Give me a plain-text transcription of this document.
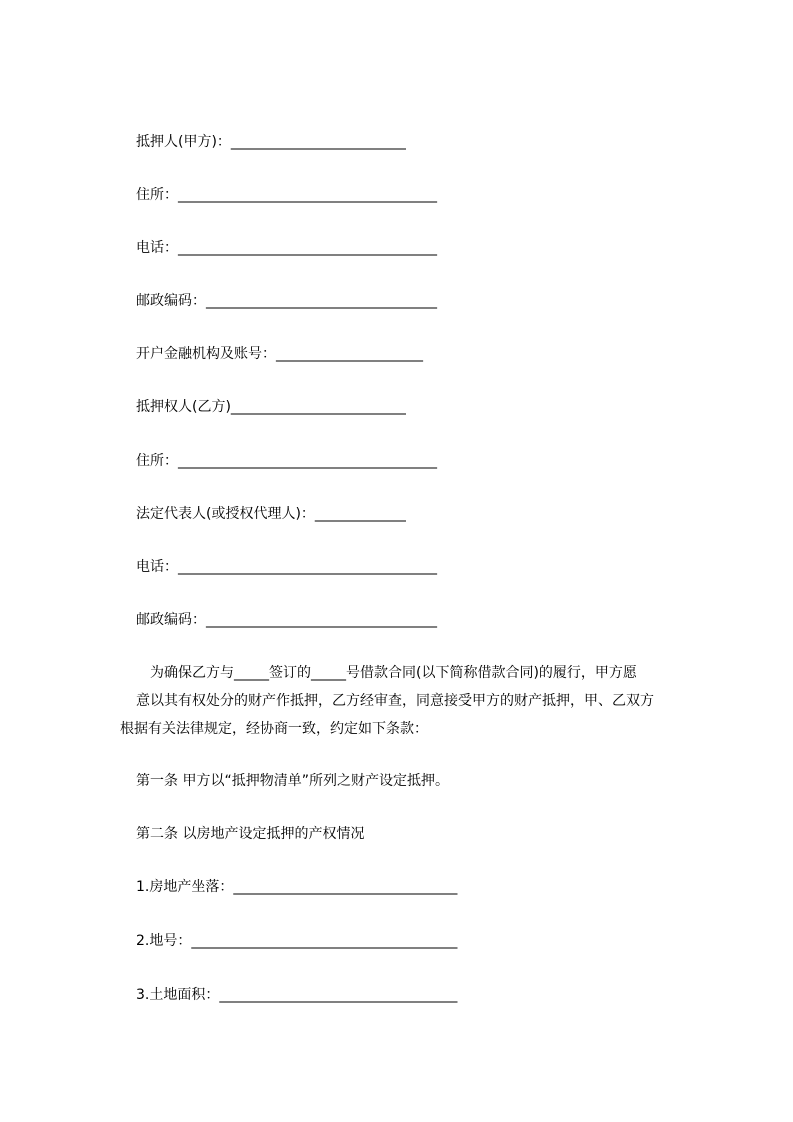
抵押人(甲方)：_________________________
住所：_____________________________________
电话：_____________________________________
邮政编码：_________________________________
开户金融机构及账号：_____________________
抵押权人(乙方)_________________________
住所：_____________________________________
法定代表人(或授权代理人)：_____________
电话：_____________________________________
邮政编码：_________________________________
为确保乙方与_____签订的_____号借款合同(以下简称借款合同)的履行，甲方愿
意以其有权处分的财产作抵押，乙方经审查，同意接受甲方的财产抵押，甲、乙双方
根据有关法律规定，经协商一致，约定如下条款：
第一条 甲方以“抵押物清单”所列之财产设定抵押。
第二条 以房地产设定抵押的产权情况
1.房地产坐落：________________________________
2.地号：______________________________________
3.土地面积：__________________________________
